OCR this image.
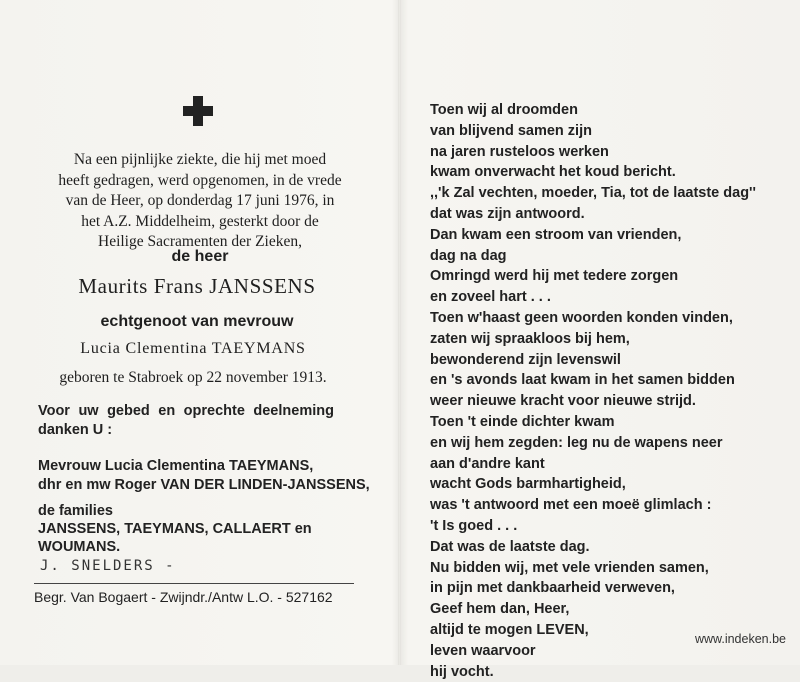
Na een pijnlijke ziekte, die hij met moed
heeft gedragen, werd opgenomen, in de vrede
van de Heer, op donderdag 17 juni 1976, in
het A.Z. Middelheim, gesterkt door de
Heilige Sacramenten der Zieken,

de heer
Maurits Frans JANSSENS
echtgenoot van mevrouw
Lucia Clementina TAEYMANS
geboren te Stabroek op 22 november 1913.
Voor uw gebed en oprechte deelneming
danken U :
Mevrouw Lucia Clementina TAEYMANS,
dhr en mw Roger VAN DER LINDEN-JANSSENS,
de families
JANSSENS, TAEYMANS, CALLAERT en
WOUMANS.
J. SNELDERS -
Begr. Van Bogaert - Zwijndr./Antw L.O. - 527162
Toen wij al droomden
van blijvend samen zijn
na jaren rusteloos werken
kwam onverwacht het koud bericht.
,,'k Zal vechten, moeder, Tia, tot de laatste dag''
dat was zijn antwoord.
Dan kwam een stroom van vrienden,
dag na dag
Omringd werd hij met tedere zorgen
en zoveel hart . . .
Toen w'haast geen woorden konden vinden,
zaten wij spraakloos bij hem,
bewonderend zijn levenswil
en 's avonds laat kwam in het samen bidden
weer nieuwe kracht voor nieuwe strijd.
Toen 't einde dichter kwam
en wij hem zegden: leg nu de wapens neer
aan d'andre kant
wacht Gods barmhartigheid,
was 't antwoord met een moeë glimlach :
't Is goed . . .
Dat was de laatste dag.
Nu bidden wij, met vele vrienden samen,
in pijn met dankbaarheid verweven,
Geef hem dan, Heer,
altijd te mogen LEVEN,
leven waarvoor
hij vocht.
www.indeken.be
